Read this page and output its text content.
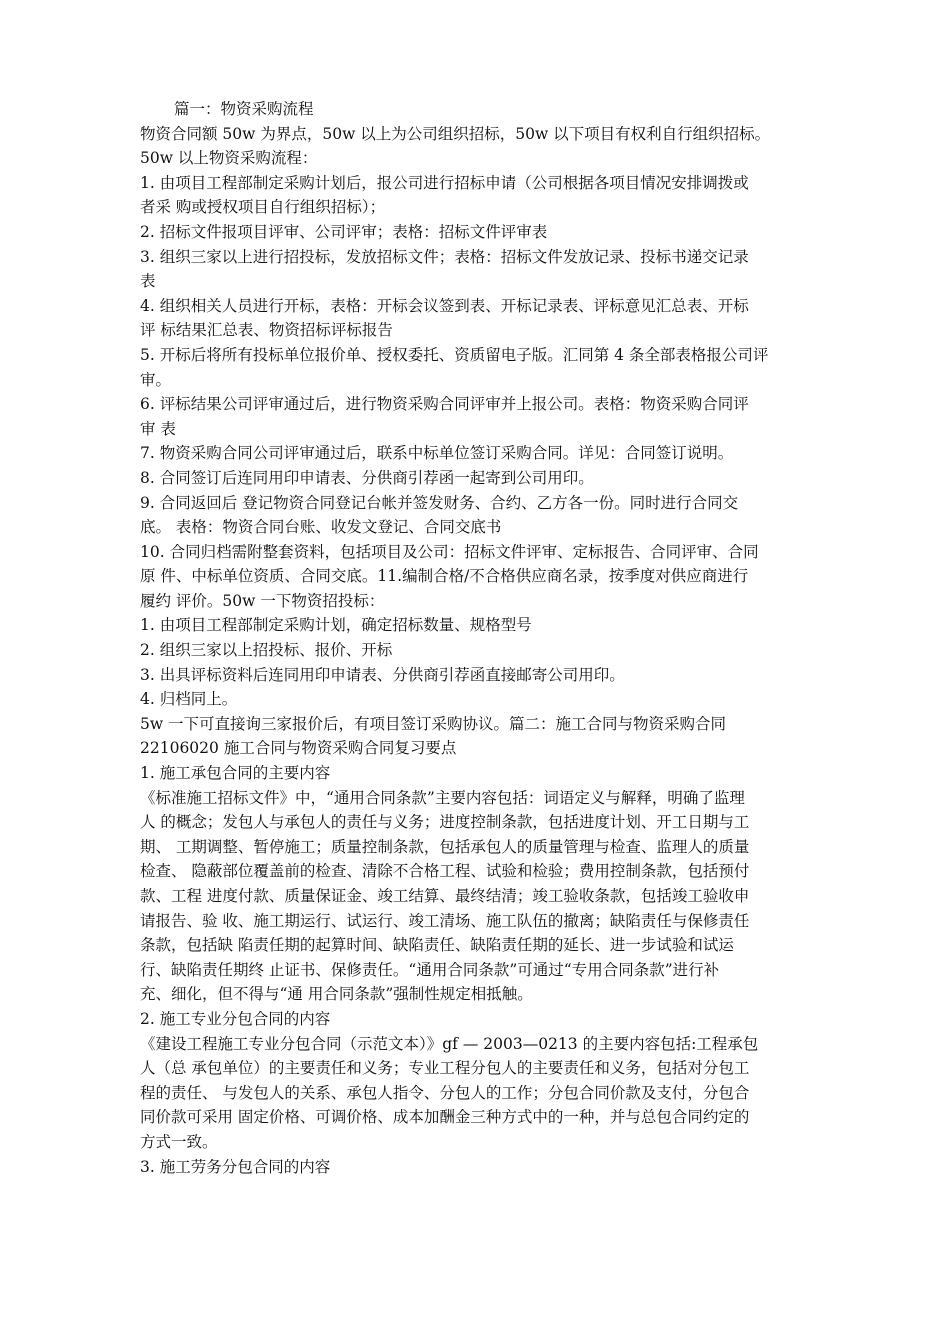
篇一：物资采购流程
物资合同额 50w 为界点，50w 以上为公司组织招标，50w 以下项目有权利自行组织招标。
50w 以上物资采购流程：
1. 由项目工程部制定采购计划后，报公司进行招标申请（公司根据各项目情况安排调拨或
者采 购或授权项目自行组织招标）；
2. 招标文件报项目评审、公司评审；表格：招标文件评审表
3. 组织三家以上进行招投标，发放招标文件；表格：招标文件发放记录、投标书递交记录
表
4. 组织相关人员进行开标，表格：开标会议签到表、开标记录表、评标意见汇总表、开标
评 标结果汇总表、物资招标评标报告
5. 开标后将所有投标单位报价单、授权委托、资质留电子版。汇同第 4 条全部表格报公司评
审。
6. 评标结果公司评审通过后，进行物资采购合同评审并上报公司。表格：物资采购合同评
审 表
7. 物资采购合同公司评审通过后，联系中标单位签订采购合同。详见：合同签订说明。
8. 合同签订后连同用印申请表、分供商引荐函一起寄到公司用印。
9. 合同返回后 登记物资合同登记台帐并签发财务、合约、乙方各一份。同时进行合同交
底。 表格：物资合同台账、收发文登记、合同交底书
10. 合同归档需附整套资料，包括项目及公司：招标文件评审、定标报告、合同评审、合同
原 件、中标单位资质、合同交底。11.编制合格/不合格供应商名录，按季度对供应商进行
履约 评价。50w 一下物资招投标：
1. 由项目工程部制定采购计划，确定招标数量、规格型号
2. 组织三家以上招投标、报价、开标
3. 出具评标资料后连同用印申请表、分供商引荐函直接邮寄公司用印。
4. 归档同上。
5w 一下可直接询三家报价后，有项目签订采购协议。篇二：施工合同与物资采购合同
22106020 施工合同与物资采购合同复习要点
1. 施工承包合同的主要内容
《标准施工招标文件》中，“通用合同条款”主要内容包括：词语定义与解释，明确了监理
人 的概念；发包人与承包人的责任与义务；进度控制条款，包括进度计划、开工日期与工
期、 工期调整、暂停施工；质量控制条款，包括承包人的质量管理与检查、监理人的质量
检查、 隐蔽部位覆盖前的检查、清除不合格工程、试验和检验；费用控制条款，包括预付
款、工程 进度付款、质量保证金、竣工结算、最终结清；竣工验收条款，包括竣工验收申
请报告、验 收、施工期运行、试运行、竣工清场、施工队伍的撤离；缺陷责任与保修责任
条款，包括缺 陷责任期的起算时间、缺陷责任、缺陷责任期的延长、进一步试验和试运
行、缺陷责任期终 止证书、保修责任。“通用合同条款”可通过“专用合同条款”进行补
充、细化，但不得与“通 用合同条款”强制性规定相抵触。
2. 施工专业分包合同的内容
《建设工程施工专业分包合同（示范文本）》gf — 2003—0213 的主要内容包括:工程承包
人（总 承包单位）的主要责任和义务；专业工程分包人的主要责任和义务，包括对分包工
程的责任、 与发包人的关系、承包人指令、分包人的工作；分包合同价款及支付，分包合
同价款可采用 固定价格、可调价格、成本加酬金三种方式中的一种，并与总包合同约定的
方式一致。
3. 施工劳务分包合同的内容
